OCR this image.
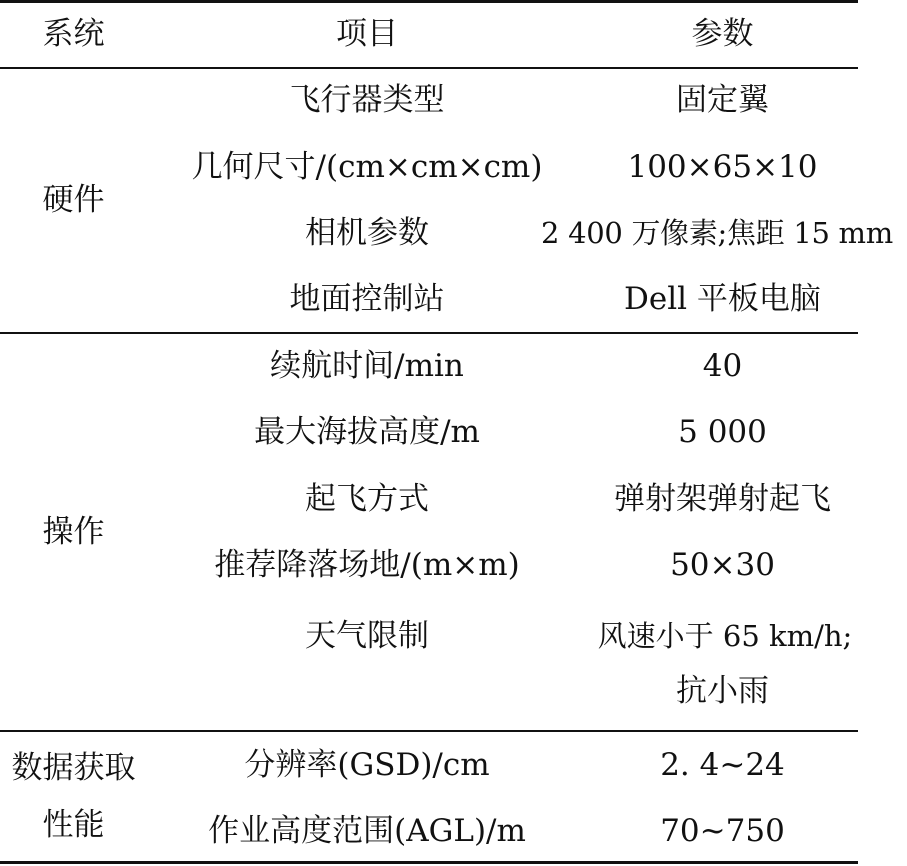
系统	项目	参数
硬件
飞行器类型	固定翼
几何尺寸/(cm×cm×cm)	100×65×10
相机参数	2 400 万像素;焦距 15 mm
地面控制站	Dell 平板电脑
操作
续航时间/min	40
最大海拔高度/m	5 000
起飞方式	弹射架弹射起飞
推荐降落场地/(m×m)	50×30
天气限制	风速小于 65 km/h;
抗小雨
数据获取
性能
分辨率(GSD)/cm	2. 4~24
作业高度范围(AGL)/m	70~750
